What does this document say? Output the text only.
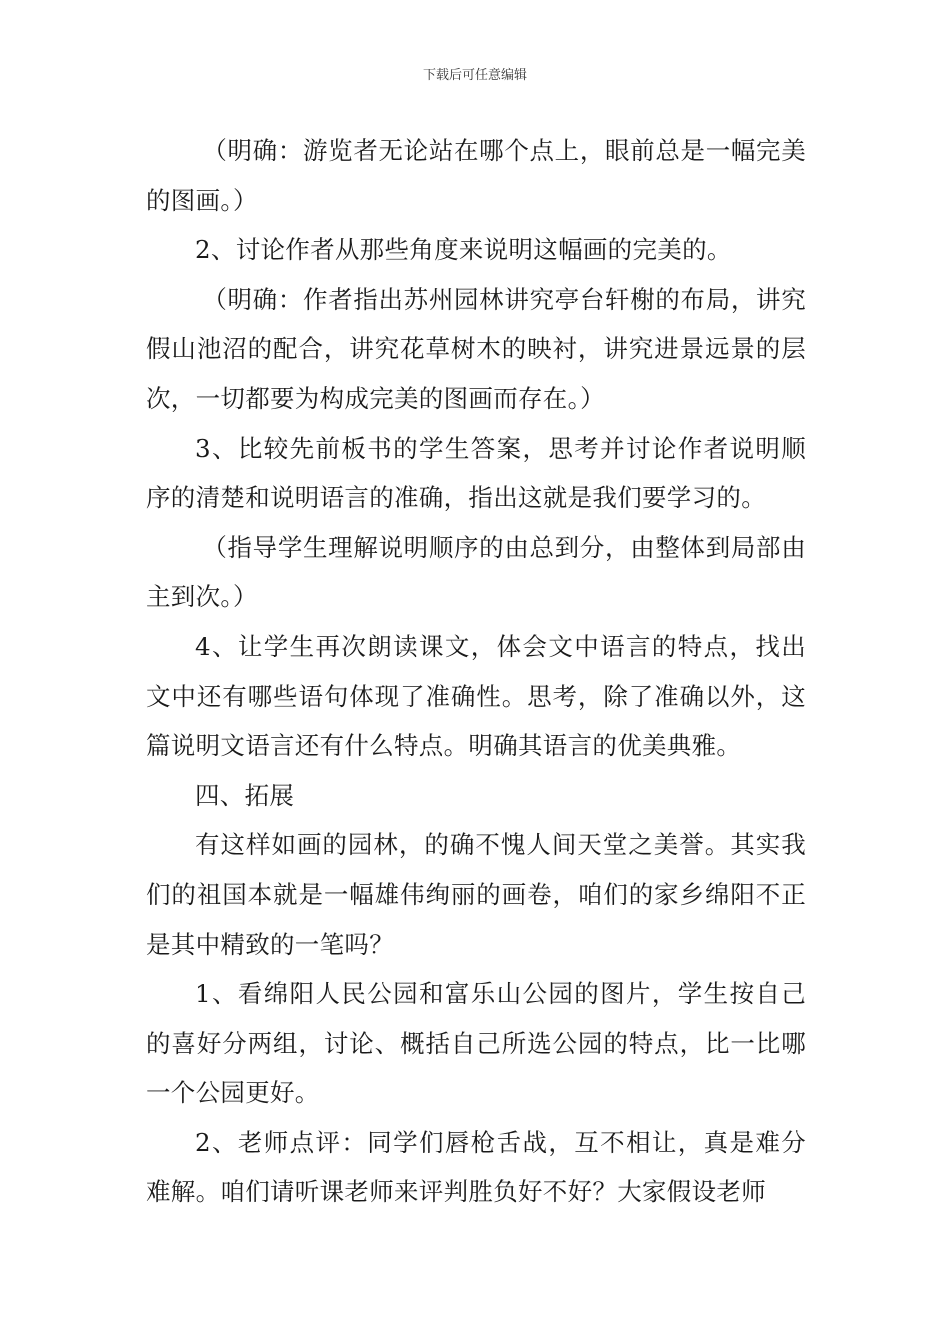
下载后可任意编辑

（明确：游览者无论站在哪个点上，眼前总是一幅完美的图画。）

2、讨论作者从那些角度来说明这幅画的完美的。

（明确：作者指出苏州园林讲究亭台轩榭的布局，讲究假山池沼的配合，讲究花草树木的映衬，讲究进景远景的层次，一切都要为构成完美的图画而存在。）

3、比较先前板书的学生答案，思考并讨论作者说明顺序的清楚和说明语言的准确，指出这就是我们要学习的。

（指导学生理解说明顺序的由总到分，由整体到局部由主到次。）

4、让学生再次朗读课文，体会文中语言的特点，找出文中还有哪些语句体现了准确性。思考，除了准确以外，这篇说明文语言还有什么特点。明确其语言的优美典雅。

四、拓展

有这样如画的园林，的确不愧人间天堂之美誉。其实我们的祖国本就是一幅雄伟绚丽的画卷，咱们的家乡绵阳不正是其中精致的一笔吗？

1、看绵阳人民公园和富乐山公园的图片，学生按自己的喜好分两组，讨论、概括自己所选公园的特点，比一比哪一个公园更好。

2、老师点评：同学们唇枪舌战，互不相让，真是难分难解。咱们请听课老师来评判胜负好不好？大家假设老师
